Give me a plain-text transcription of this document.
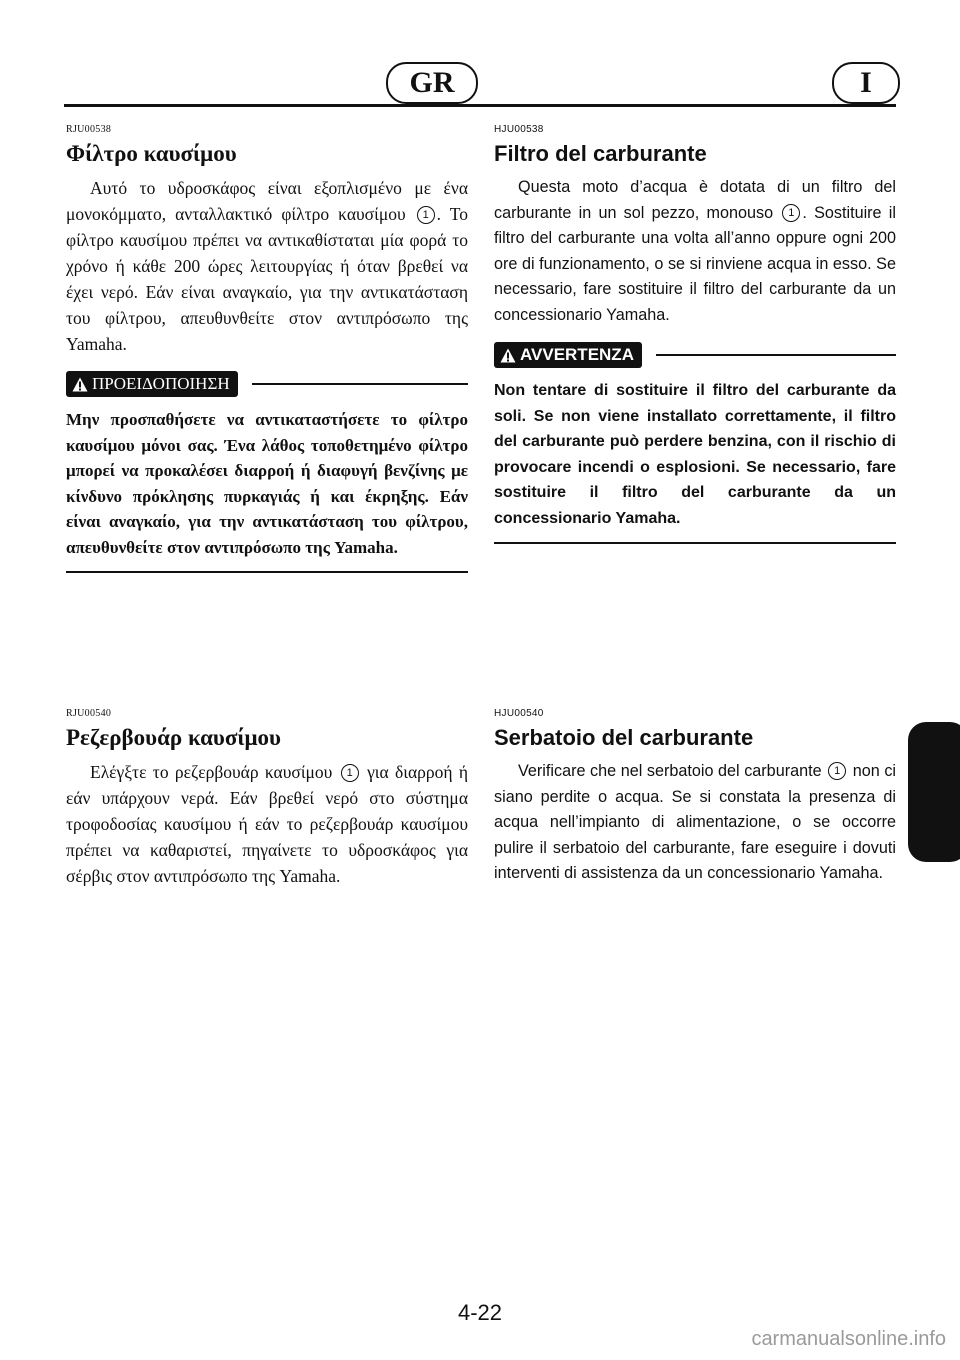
GR	I

RJU00538

Φίλτρο καυσίμου

Αυτό το υδροσκάφος είναι εξοπλισμένο με ένα μονοκόμματο, ανταλλακτικό φίλτρο καυσίμου 1 . Το φίλτρο καυσίμου πρέπει να αντικαθίσταται μία φορά το χρόνο ή κάθε 200 ώρες λειτουργίας ή όταν βρεθεί να έχει νερό. Εάν είναι αναγκαίο, για την αντικατάσταση του φίλτρου, απευθυνθείτε στον αντιπρόσωπο της Yamaha.

ΠΡΟΕΙΔΟΠΟΙΗΣΗ

Μην προσπαθήσετε να αντικαταστήσετε το φίλτρο καυσίμου μόνοι σας. Ένα λάθος τοποθετημένο φίλτρο μπορεί να προκαλέσει διαρροή ή διαφυγή βενζίνης με κίνδυνο πρόκλησης πυρκαγιάς ή και έκρηξης. Εάν είναι αναγκαίο, για την αντικατάσταση του φίλτρου, απευθυνθείτε στον αντιπρόσωπο της Yamaha.

HJU00538

Filtro del carburante

Questa moto d’acqua è dotata di un filtro del carburante in un sol pezzo, monouso 1 . Sostituire il filtro del carburante una volta all’anno oppure ogni 200 ore di funzionamento, o se si rinviene acqua in esso. Se necessario, fare sostituire il filtro del carburante da un concessionario Yamaha.

AVVERTENZA

Non tentare di sostituire il filtro del carburante da soli. Se non viene installato correttamente, il filtro del carburante può perdere benzina, con il rischio di provocare incendi o esplosioni. Se necessario, fare sostituire il filtro del carburante da un concessionario Yamaha.

RJU00540

Ρεζερβουάρ καυσίμου

Ελέγξτε το ρεζερβουάρ καυσίμου 1 για διαρροή ή εάν υπάρχουν νερά. Εάν βρεθεί νερό στο σύστημα τροφοδοσίας καυσίμου ή εάν το ρεζερβουάρ καυσίμου πρέπει να καθαριστεί, πηγαίνετε το υδροσκάφος για σέρβις στον αντιπρόσωπο της Yamaha.

HJU00540

Serbatoio del carburante

Verificare che nel serbatoio del carburante 1 non ci siano perdite o acqua. Se si constata la presenza di acqua nell’impianto di alimentazione, o se occorre pulire il serbatoio del carburante, fare eseguire i dovuti interventi di assistenza da un concessionario Yamaha.

4-22
carmanualsonline.info
